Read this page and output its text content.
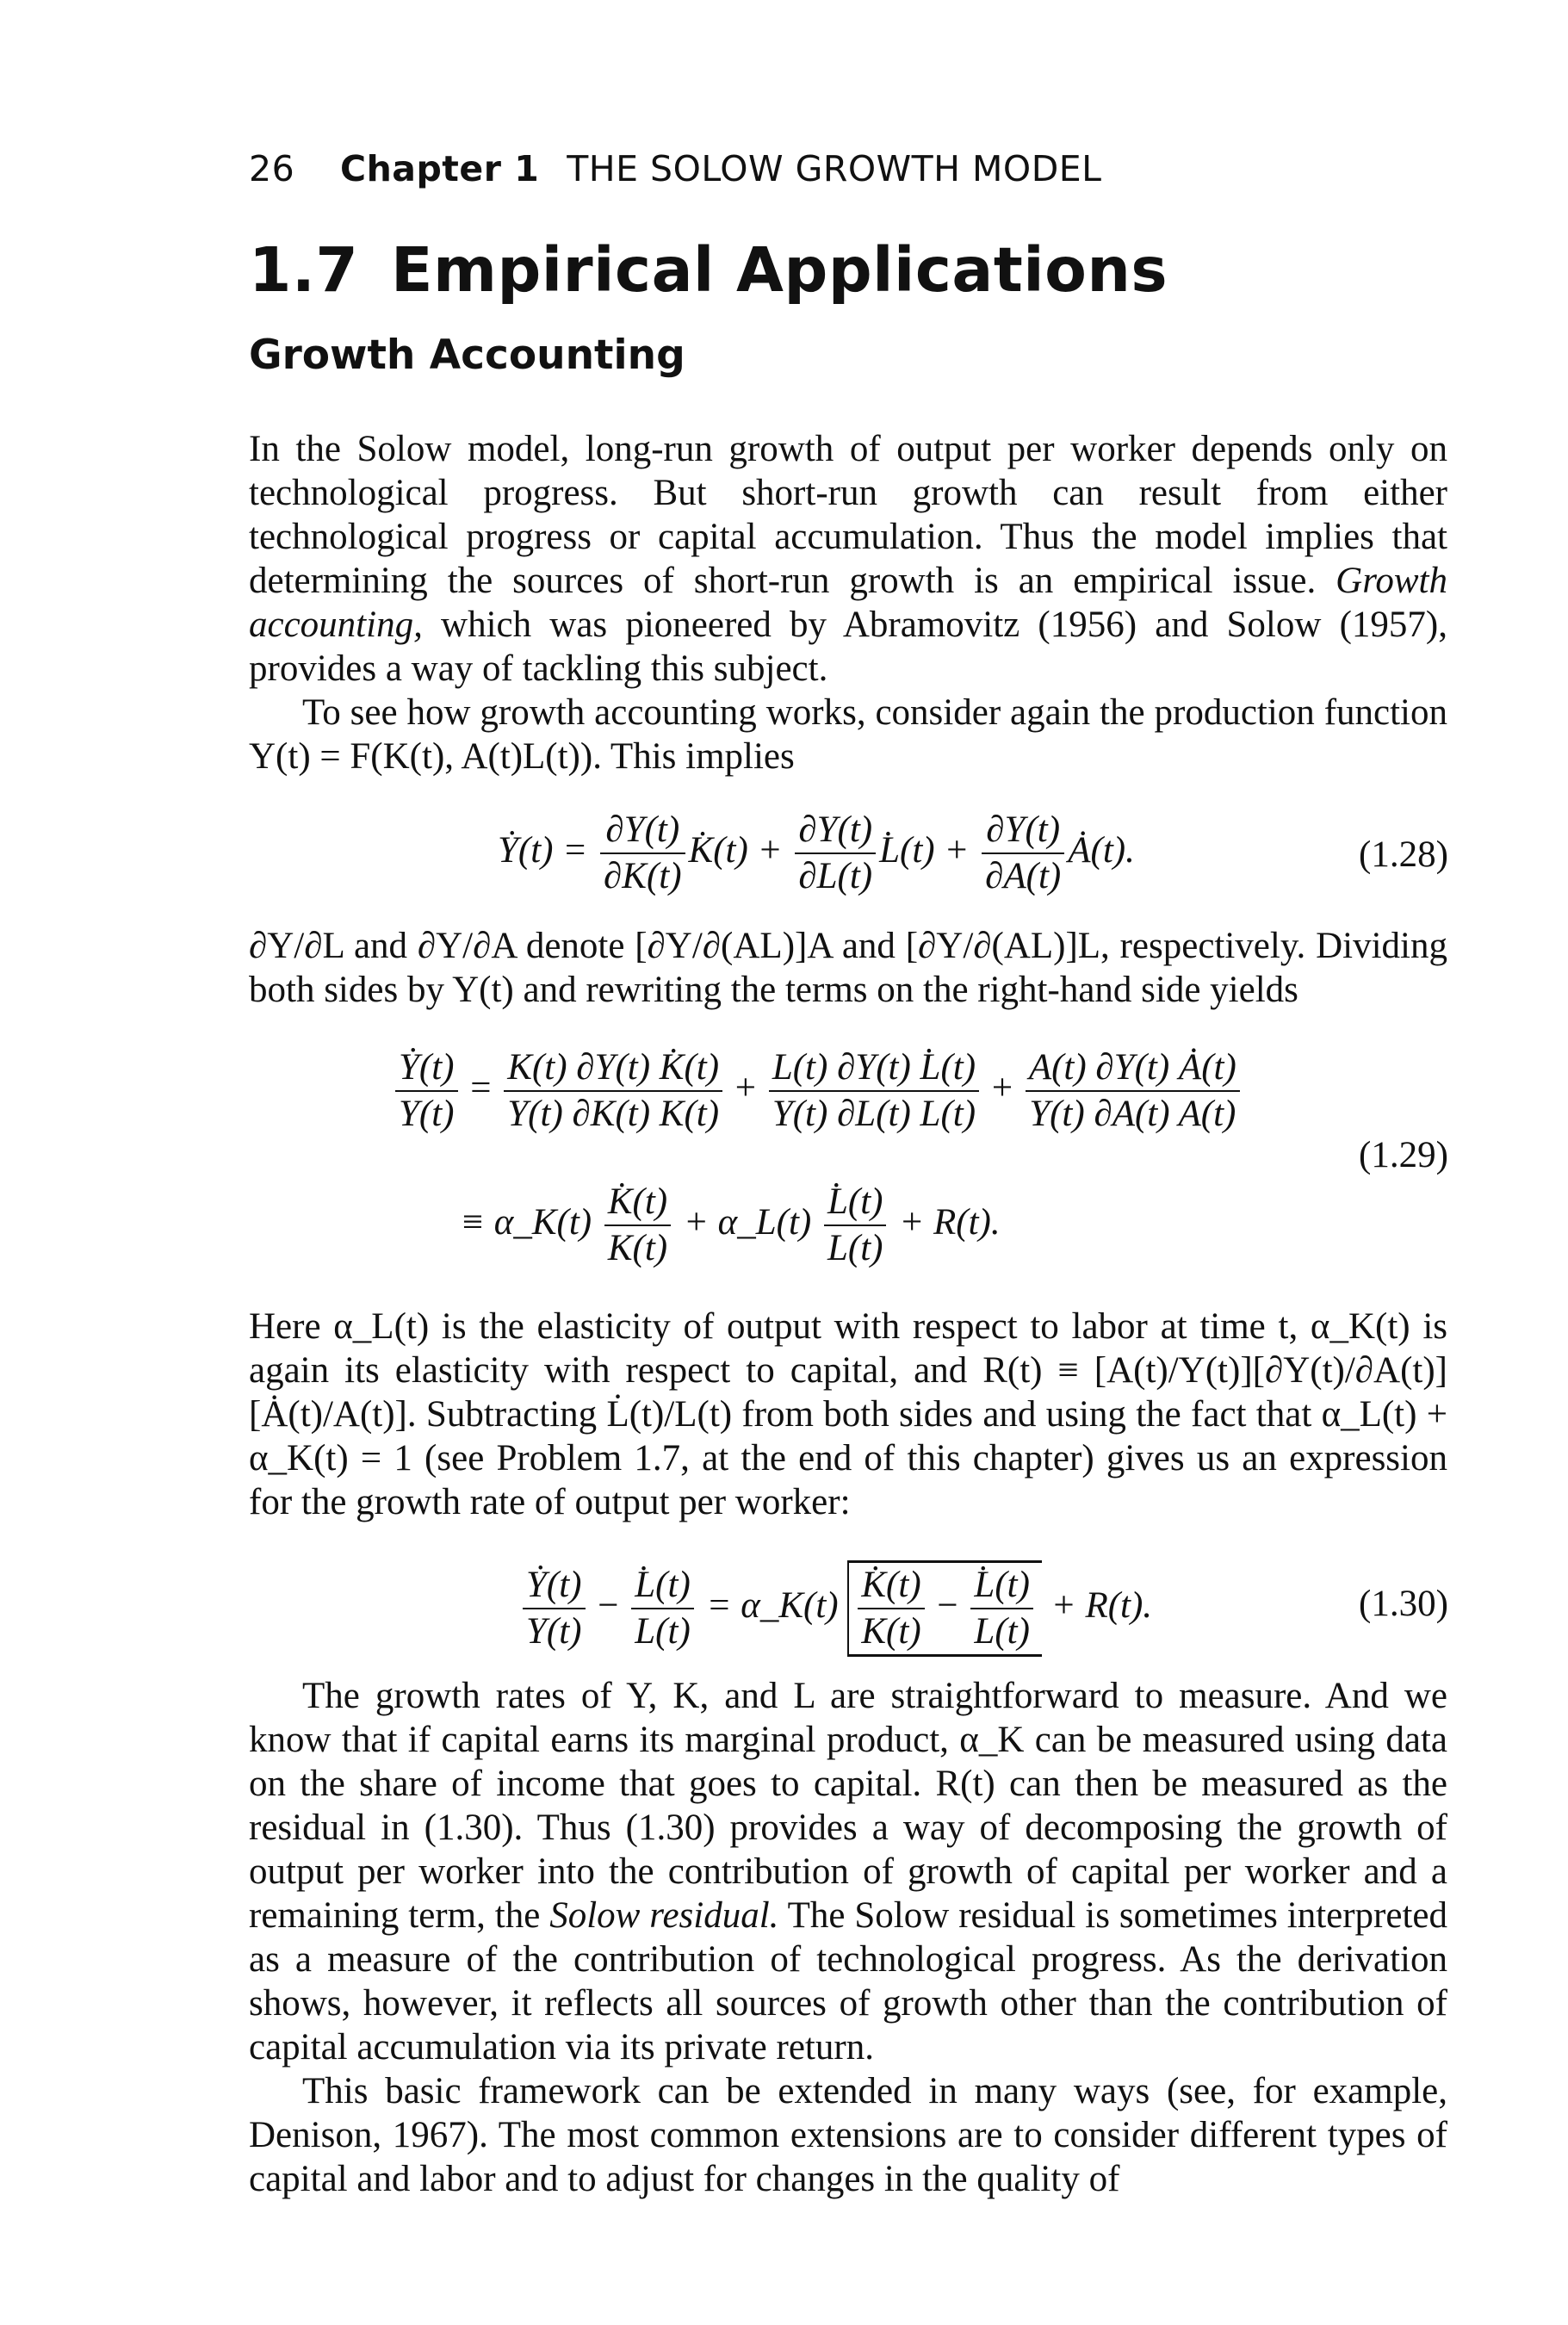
26 Chapter 1 THE SOLOW GROWTH MODEL
1.7 Empirical Applications
Growth Accounting

In the Solow model, long-run growth of output per worker depends only on technological progress. But short-run growth can result from either technological progress or capital accumulation. Thus the model implies that determining the sources of short-run growth is an empirical issue. Growth accounting, which was pioneered by Abramovitz (1956) and Solow (1957), provides a way of tackling this subject.

To see how growth accounting works, consider again the production function Y(t) = F(K(t), A(t)L(t)). This implies

Ẏ(t) = $\frac{\partial Y(t)}{\partial K(t)}$ K̇(t) + $\frac{\partial Y(t)}{\partial L(t)}$ L̇(t) + $\frac{\partial Y(t)}{\partial A(t)}$ Ȧ(t).	(1.28)

∂Y/∂L and ∂Y/∂A denote [∂Y/∂(AL)]A and [∂Y/∂(AL)]L, respectively. Dividing both sides by Y(t) and rewriting the terms on the right-hand side yields

$\frac{\text{Ẏ(t)}}{Y(t)} = \frac{K(t) \partial Y(t) K̇(t)}{Y(t) \partial K(t) K(t)} + \frac{L(t) \partial Y(t) L̇(t)}{Y(t) \partial L(t) L(t)} + \frac{A(t) \partial Y(t) Ȧ(t)}{Y(t) \partial A(t) A(t)}$
≡ α_K(t) $\frac{K̇(t)}{K(t)}$ + α_L(t) $\frac{L̇(t)}{L(t)} + R(t)$.
(1.29)

Here α_L(t) is the elasticity of output with respect to labor at time t, α_K(t) is again its elasticity with respect to capital, and R(t) ≡ [A(t)/Y(t)][∂Y(t)/∂A(t)][Ȧ(t)/A(t)]. Subtracting L̇(t)/L(t) from both sides and using the fact that α_L(t) + α_K(t) = 1 (see Problem 1.7, at the end of this chapter) gives us an expression for the growth rate of output per worker:

$\frac{\text{Ẏ(t)}}{Y(t)} - \frac{L̇(t)}{L(t)}$ = α_K(t) $\frac{K̇(t)}{K(t)} - \frac{L̇(t)}{L(t)} + R(t)$.	(1.30)

The growth rates of Y, K, and L are straightforward to measure. And we know that if capital earns its marginal product, α_K can be measured using data on the share of income that goes to capital. R(t) can then be measured as the residual in (1.30). Thus (1.30) provides a way of decomposing the growth of output per worker into the contribution of growth of capital per worker and a remaining term, the Solow residual. The Solow residual is sometimes interpreted as a measure of the contribution of technological progress. As the derivation shows, however, it reflects all sources of growth other than the contribution of capital accumulation via its private return.

This basic framework can be extended in many ways (see, for example, Denison, 1967). The most common extensions are to consider different types of capital and labor and to adjust for changes in the quality of
